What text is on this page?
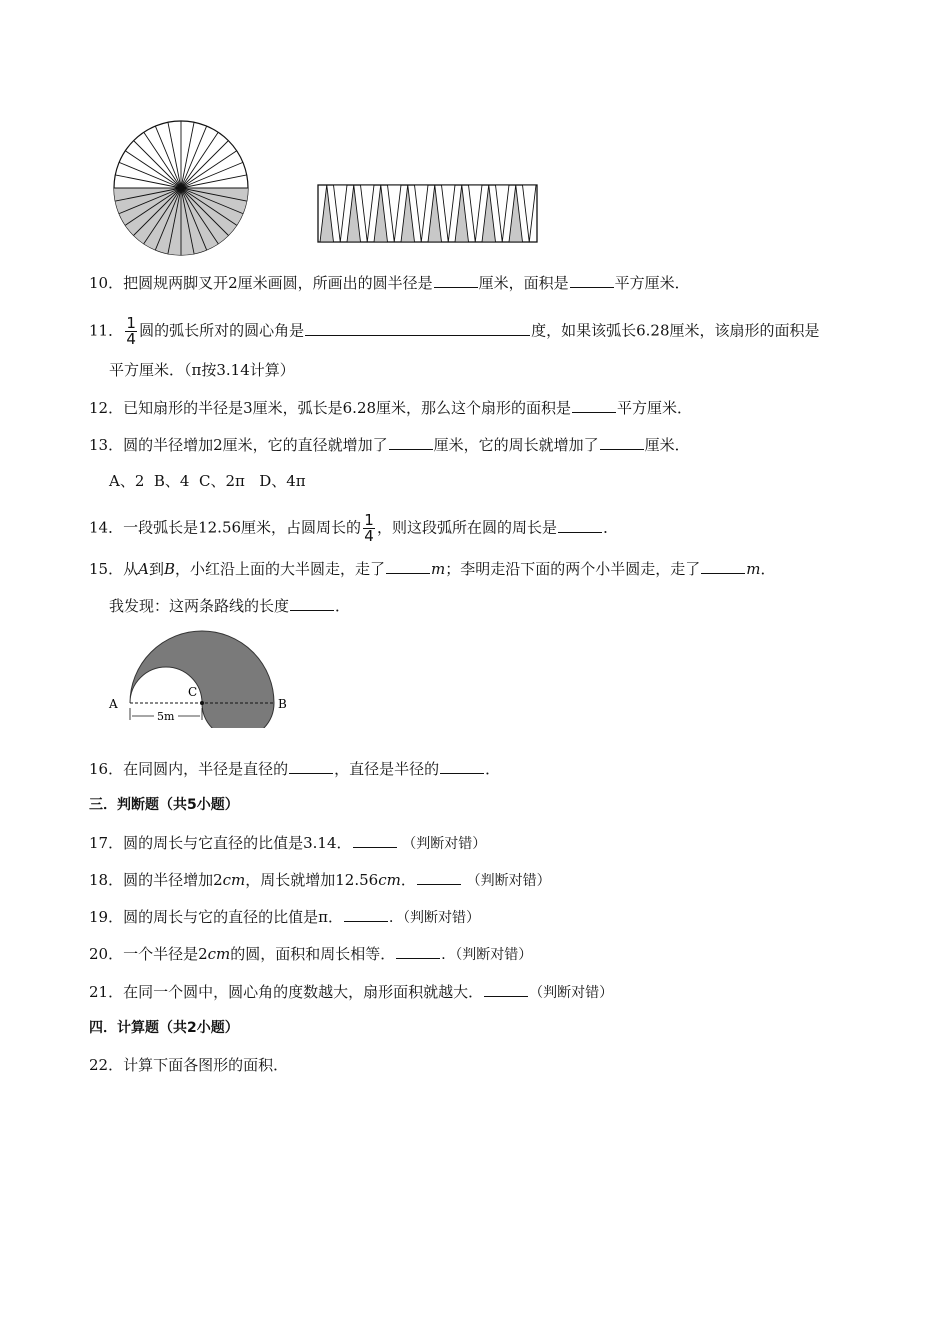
10．把圆规两脚叉开2厘米画圆，所画出的圆半径是	厘米，面积是	平方厘米．
11． $\frac{1}{4}$ 圆的弧长所对的圆心角是	度，如果该弧长6.28厘米，该扇形的面积是
平方厘米．（π按3.14计算）
12．已知扇形的半径是3厘米，弧长是6.28厘米，那么这个扇形的面积是	平方厘米．
13．圆的半径增加2厘米，它的直径就增加了	厘米，它的周长就增加了	厘米．
A、2  B、4  C、2π   D、4π
14．一段弧长是12.56厘米，占圆周长的 $\frac{1}{4}$ ，则这段弧所在圆的周长是	．
15．从A到B，小红沿上面的大半圆走，走了	m；李明走沿下面的两个小半圆走，走了	m．
我发现：这两条路线的长度	．
A	B
C
5m
16．在同圆内，半径是直径的	，直径是半径的	．
三．判断题（共5小题）
17．圆的周长与它直径的比值是3.14．	（判断对错）
18．圆的半径增加2cm，周长就增加12.56cm．	（判断对错）
19．圆的周长与它的直径的比值是π．	．（判断对错）
20．一个半径是2cm的圆，面积和周长相等．	．（判断对错）
21．在同一个圆中，圆心角的度数越大，扇形面积就越大．	（判断对错）
四．计算题（共2小题）
22．计算下面各图形的面积．
